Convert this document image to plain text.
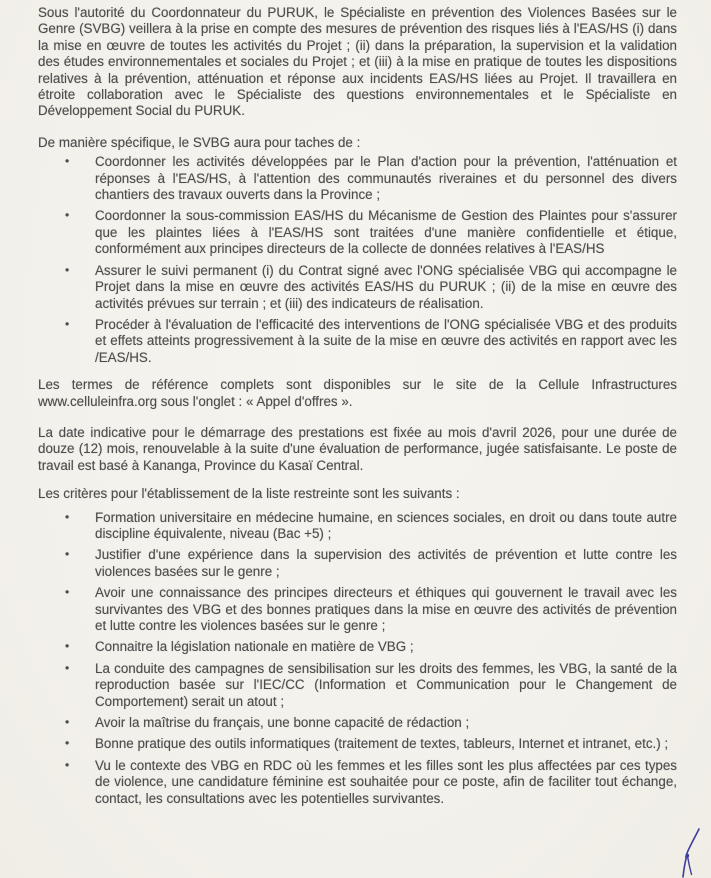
Sous l'autorité du Coordonnateur du PURUK, le Spécialiste en prévention des Violences Basées sur le Genre (SVBG) veillera à la prise en compte des mesures de prévention des risques liés à l'EAS/HS (i) dans la mise en œuvre de toutes les activités du Projet ; (ii) dans la préparation, la supervision et la validation des études environnementales et sociales du Projet ; et (iii) à la mise en pratique de toutes les dispositions relatives à la prévention, atténuation et réponse aux incidents EAS/HS liées au Projet. Il travaillera en étroite collaboration avec le Spécialiste des questions environnementales et le Spécialiste en Développement Social du PURUK.

De manière spécifique, le SVBG aura pour taches de :

• Coordonner les activités développées par le Plan d'action pour la prévention, l'atténuation et réponses à l'EAS/HS, à l'attention des communautés riveraines et du personnel des divers chantiers des travaux ouverts dans la Province ;
• Coordonner la sous-commission EAS/HS du Mécanisme de Gestion des Plaintes pour s'assurer que les plaintes liées à l'EAS/HS sont traitées d'une manière confidentielle et étique, conformément aux principes directeurs de la collecte de données relatives à l'EAS/HS
• Assurer le suivi permanent (i) du Contrat signé avec l'ONG spécialisée VBG qui accompagne le Projet dans la mise en œuvre des activités EAS/HS du PURUK ; (ii) de la mise en œuvre des activités prévues sur terrain ; et (iii) des indicateurs de réalisation.
• Procéder à l'évaluation de l'efficacité des interventions de l'ONG spécialisée VBG et des produits et effets atteints progressivement à la suite de la mise en œuvre des activités en rapport avec les /EAS/HS.

Les termes de référence complets sont disponibles sur le site de la Cellule Infrastructures www.celluleinfra.org sous l'onglet : « Appel d'offres ».

La date indicative pour le démarrage des prestations est fixée au mois d'avril 2026, pour une durée de douze (12) mois, renouvelable à la suite d'une évaluation de performance, jugée satisfaisante. Le poste de travail est basé à Kananga, Province du Kasaï Central.

Les critères pour l'établissement de la liste restreinte sont les suivants :

• Formation universitaire en médecine humaine, en sciences sociales, en droit ou dans toute autre discipline équivalente, niveau (Bac +5) ;
• Justifier d'une expérience dans la supervision des activités de prévention et lutte contre les violences basées sur le genre ;
• Avoir une connaissance des principes directeurs et éthiques qui gouvernent le travail avec les survivantes des VBG et des bonnes pratiques dans la mise en œuvre des activités de prévention et lutte contre les violences basées sur le genre ;
• Connaitre la législation nationale en matière de VBG ;
• La conduite des campagnes de sensibilisation sur les droits des femmes, les VBG, la santé de la reproduction basée sur l'IEC/CC (Information et Communication pour le Changement de Comportement) serait un atout ;
• Avoir la maîtrise du français, une bonne capacité de rédaction ;
• Bonne pratique des outils informatiques (traitement de textes, tableurs, Internet et intranet, etc.) ;
• Vu le contexte des VBG en RDC où les femmes et les filles sont les plus affectées par ces types de violence, une candidature féminine est souhaitée pour ce poste, afin de faciliter tout échange, contact, les consultations avec les potentielles survivantes.
